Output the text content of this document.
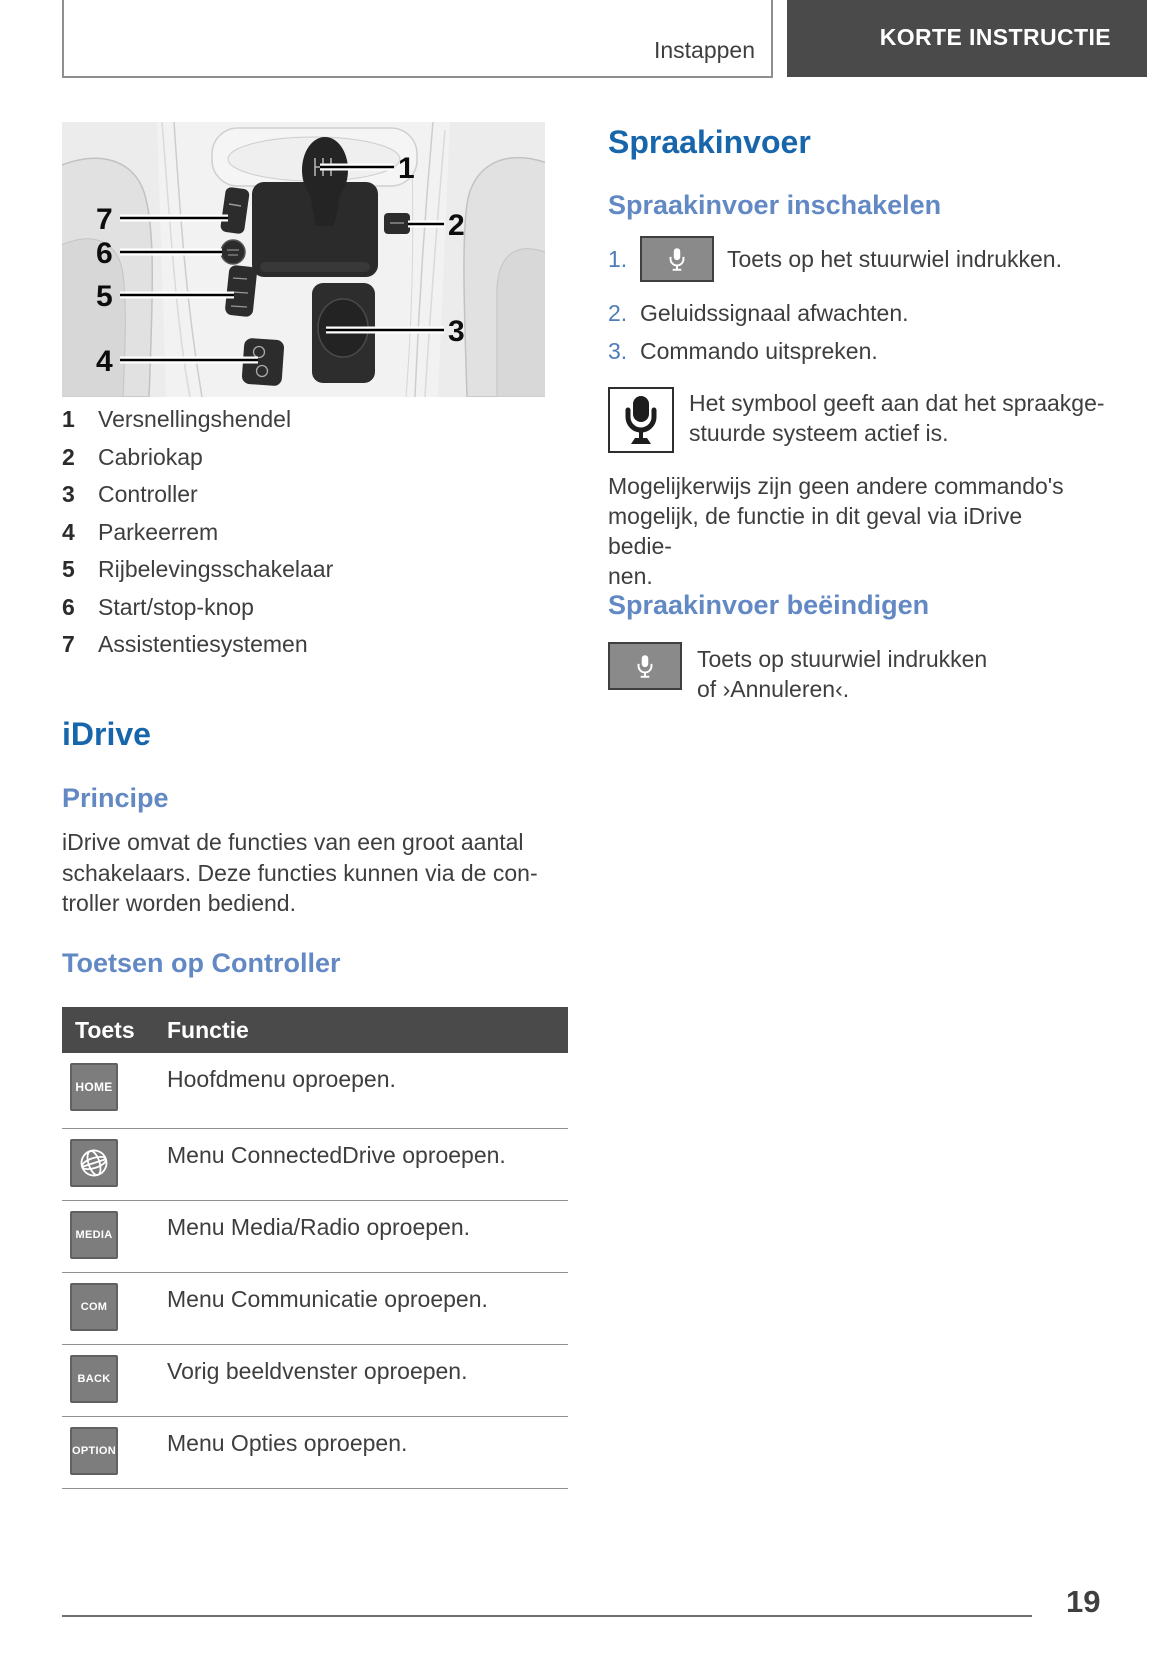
Instappen
KORTE INSTRUCTIE
1
2
3
4
5
6
7
1	Versnellingshendel
2	Cabriokap
3	Controller
4	Parkeerrem
5	Rijbelevingsschakelaar
6	Start/stop-knop
7	Assistentiesystemen
iDrive
Principe
iDrive omvat de functies van een groot aantal
schakelaars. Deze functies kunnen via de con-
troller worden bediend.
Toetsen op Controller
Toets	Functie
HOME Hoofdmenu oproepen.
Menu ConnectedDrive oproepen.
MEDIA Menu Media/Radio oproepen.
COM	Menu Communicatie oproepen.
BACK Vorig beeldvenster oproepen.
OPTION Menu Opties oproepen.
Spraakinvoer
Spraakinvoer inschakelen
1.	Toets op het stuurwiel indrukken.
2. Geluidssignaal afwachten.
3. Commando uitspreken.
Het symbool geeft aan dat het spraakge-
stuurde systeem actief is.
Mogelijkerwijs zijn geen andere commando's
mogelijk, de functie in dit geval via iDrive bedie-
nen.
Spraakinvoer beëindigen
Toets op stuurwiel indrukken
of ›Annuleren‹.
19
